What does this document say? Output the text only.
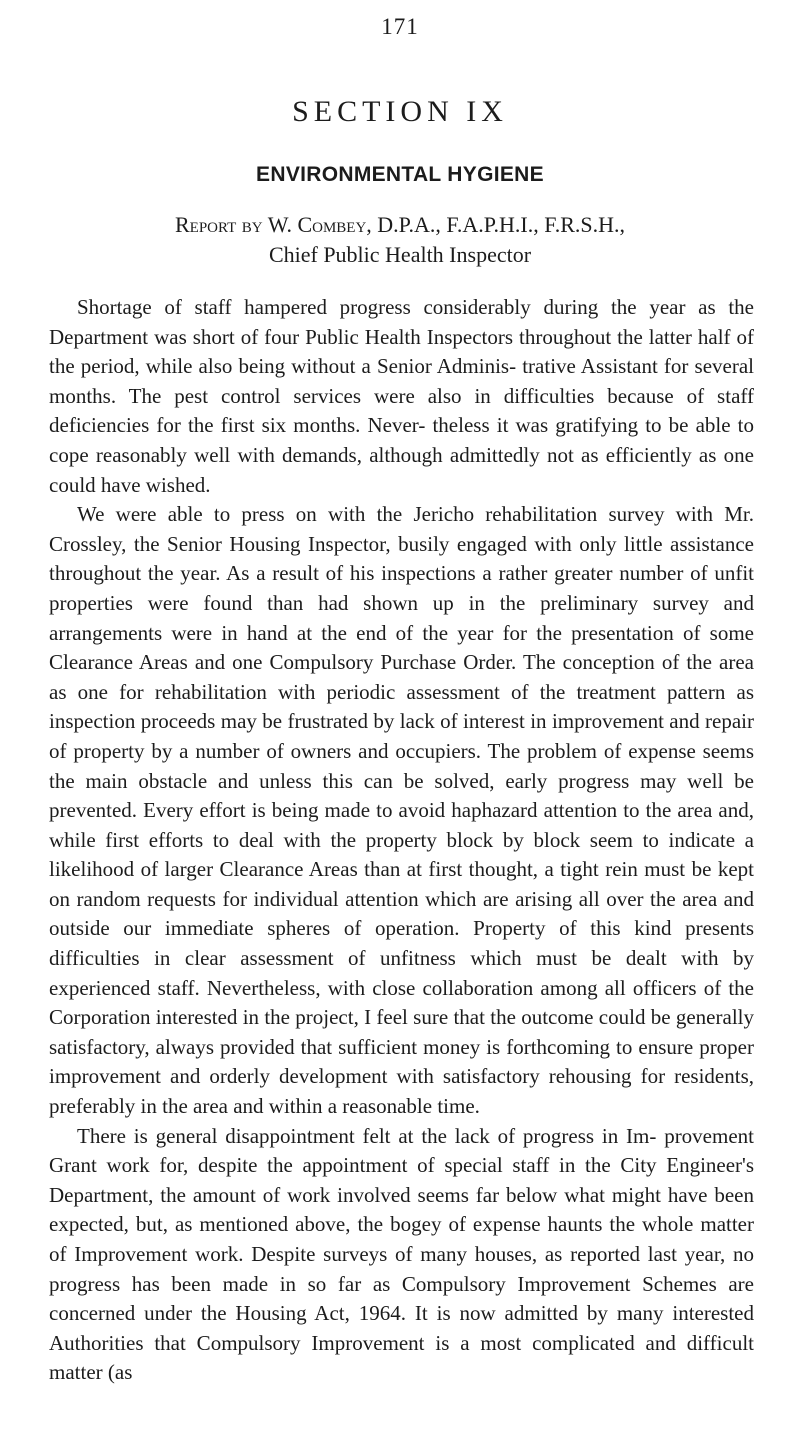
171
SECTION IX
ENVIRONMENTAL HYGIENE
Report by W. Combey, D.P.A., F.A.P.H.I., F.R.S.H.,
Chief Public Health Inspector

Shortage of staff hampered progress considerably during the year as the Department was short of four Public Health Inspectors throughout the latter half of the period, while also being without a Senior Adminis- trative Assistant for several months. The pest control services were also in difficulties because of staff deficiencies for the first six months. Never- theless it was gratifying to be able to cope reasonably well with demands, although admittedly not as efficiently as one could have wished.

We were able to press on with the Jericho rehabilitation survey with Mr. Crossley, the Senior Housing Inspector, busily engaged with only little assistance throughout the year. As a result of his inspections a rather greater number of unfit properties were found than had shown up in the preliminary survey and arrangements were in hand at the end of the year for the presentation of some Clearance Areas and one Compulsory Purchase Order. The conception of the area as one for rehabilitation with periodic assessment of the treatment pattern as inspection proceeds may be frustrated by lack of interest in improvement and repair of property by a number of owners and occupiers. The problem of expense seems the main obstacle and unless this can be solved, early progress may well be prevented. Every effort is being made to avoid haphazard attention to the area and, while first efforts to deal with the property block by block seem to indicate a likelihood of larger Clearance Areas than at first thought, a tight rein must be kept on random requests for individual attention which are arising all over the area and outside our immediate spheres of operation. Property of this kind presents difficulties in clear assessment of unfitness which must be dealt with by experienced staff. Nevertheless, with close collaboration among all officers of the Corporation interested in the project, I feel sure that the outcome could be generally satisfactory, always provided that sufficient money is forthcoming to ensure proper improvement and orderly development with satisfactory rehousing for residents, preferably in the area and within a reasonable time.

There is general disappointment felt at the lack of progress in Im- provement Grant work for, despite the appointment of special staff in the City Engineer's Department, the amount of work involved seems far below what might have been expected, but, as mentioned above, the bogey of expense haunts the whole matter of Improvement work. Despite surveys of many houses, as reported last year, no progress has been made in so far as Compulsory Improvement Schemes are concerned under the Housing Act, 1964. It is now admitted by many interested Authorities that Compulsory Improvement is a most complicated and difficult matter (as
